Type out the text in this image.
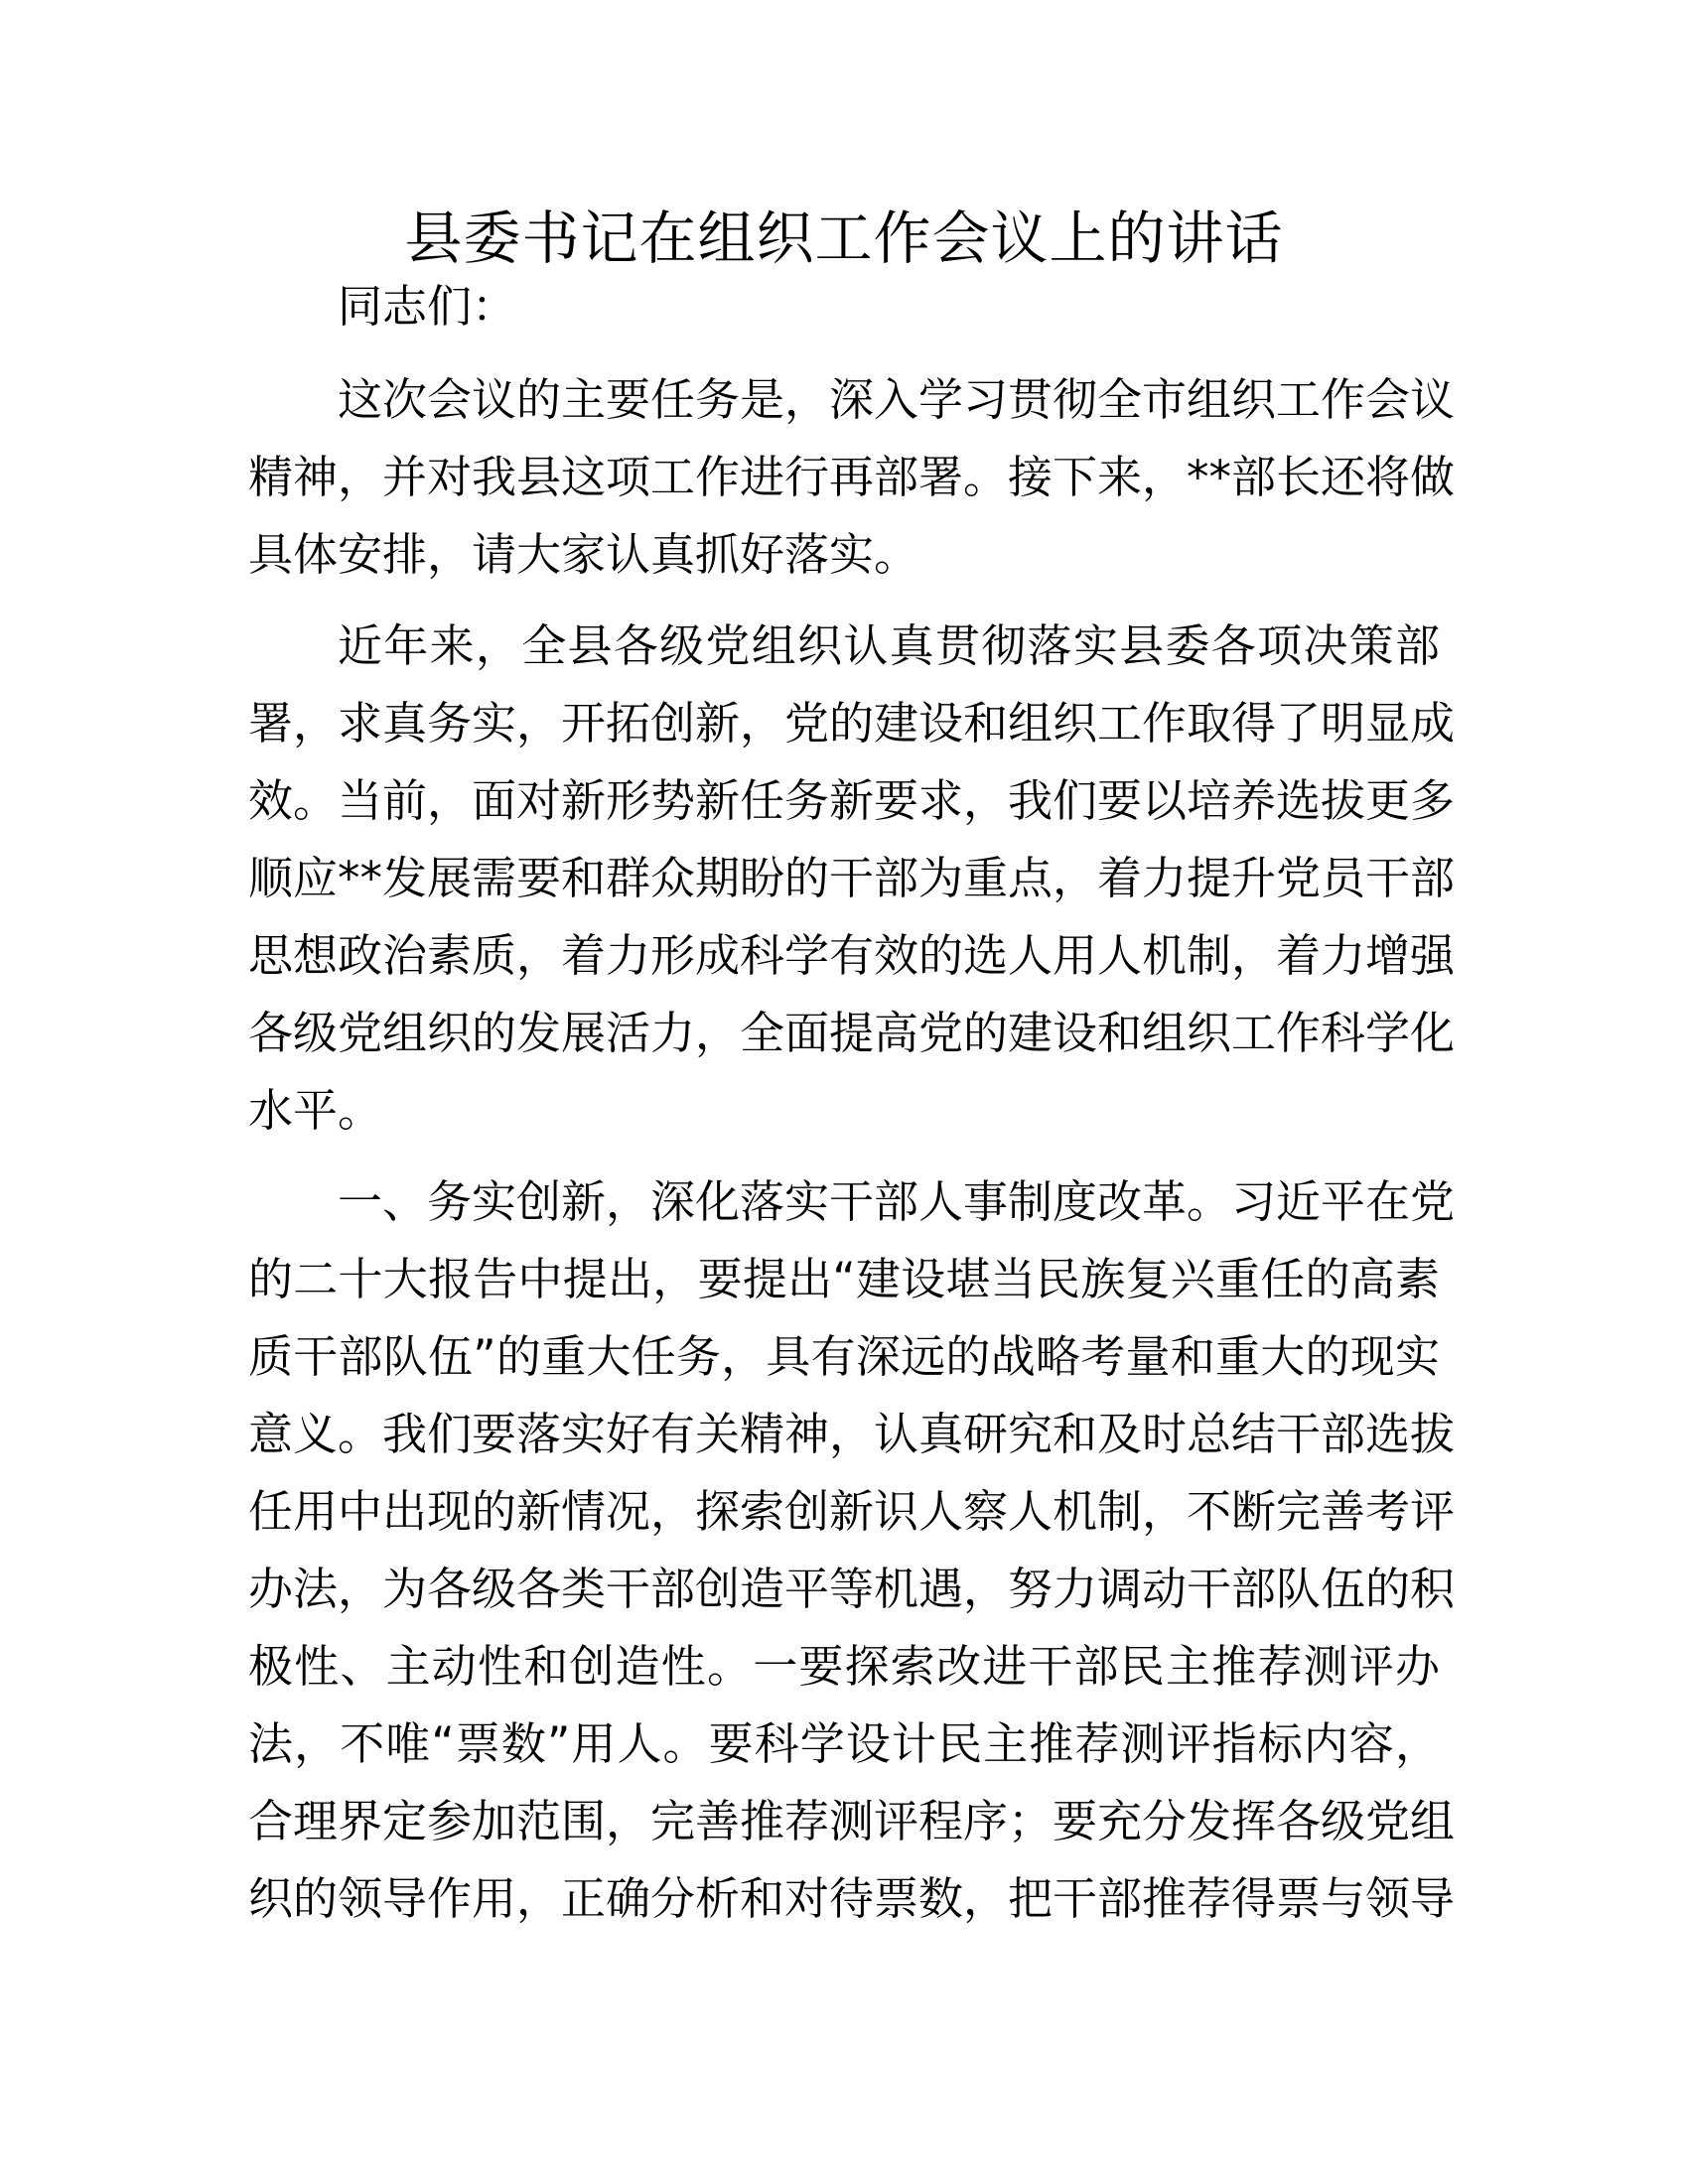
县委书记在组织工作会议上的讲话
同志们：
这次会议的主要任务是，深入学习贯彻全市组织工作会议
精神，并对我县这项工作进行再部署。接下来，**部长还将做
具体安排，请大家认真抓好落实。
近年来，全县各级党组织认真贯彻落实县委各项决策部
署，求真务实，开拓创新，党的建设和组织工作取得了明显成
效。当前，面对新形势新任务新要求，我们要以培养选拔更多
顺应**发展需要和群众期盼的干部为重点，着力提升党员干部
思想政治素质，着力形成科学有效的选人用人机制，着力增强
各级党组织的发展活力，全面提高党的建设和组织工作科学化
水平。
一、务实创新，深化落实干部人事制度改革。习近平在党
的二十大报告中提出，要提出“建设堪当民族复兴重任的高素
质干部队伍”的重大任务，具有深远的战略考量和重大的现实
意义。我们要落实好有关精神，认真研究和及时总结干部选拔
任用中出现的新情况，探索创新识人察人机制，不断完善考评
办法，为各级各类干部创造平等机遇，努力调动干部队伍的积
极性、主动性和创造性。一要探索改进干部民主推荐测评办
法，不唯“票数”用人。要科学设计民主推荐测评指标内容，
合理界定参加范围，完善推荐测评程序；要充分发挥各级党组
织的领导作用，正确分析和对待票数，把干部推荐得票与领导
